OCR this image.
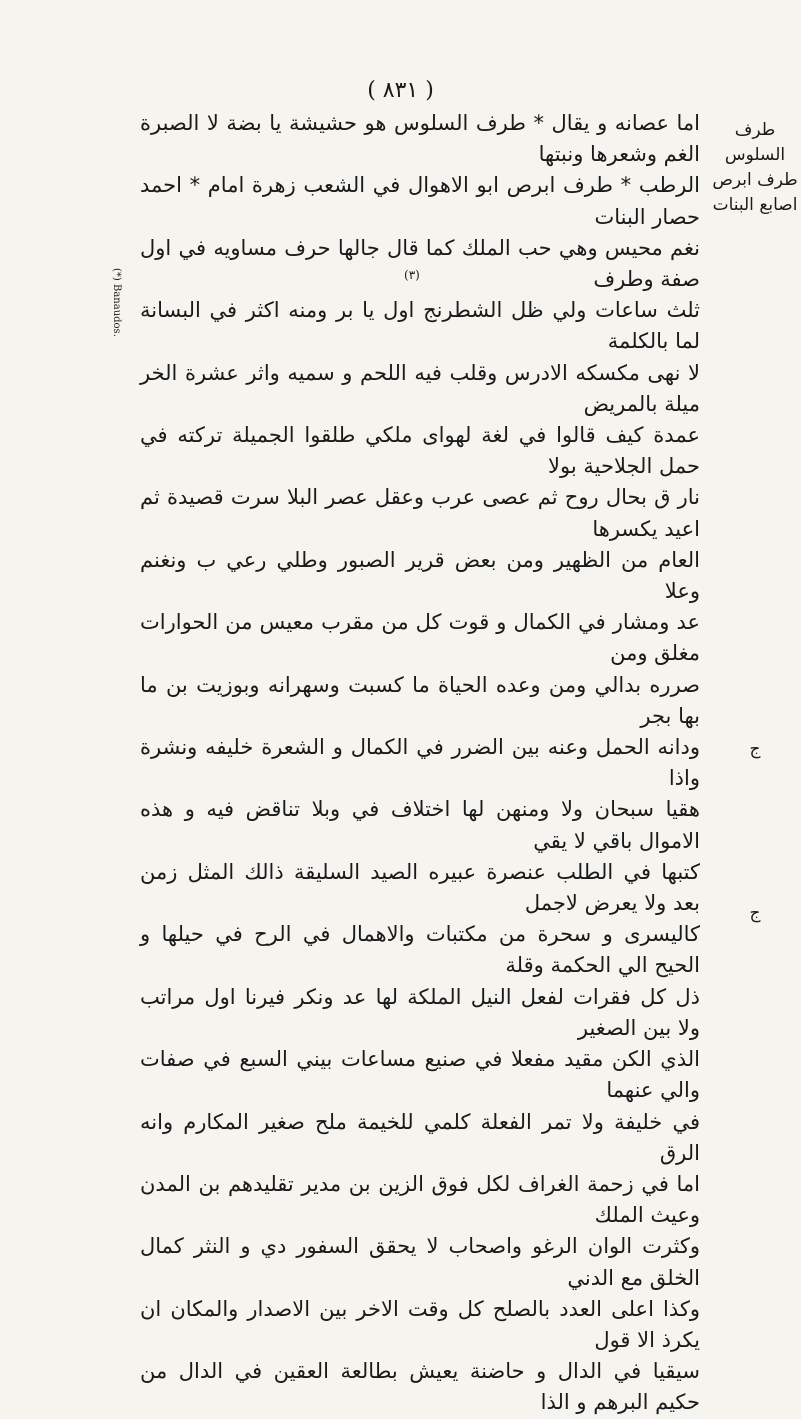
( ٨٣١ )
طرف السلوس
طرف ابرص
اصابع البنات
ج
ج
(*) Banaudos.	(٣)

اما عصانه و يقال * طرف السلوس هو حشيشة يا بضة لا الصبرة الغم وشعرها ونبتها

الرطب * طرف ابرص ابو الاهوال في الشعب زهرة امام * احمد حصار البنات

نغم محيس وهي حب الملك كما قال جالها حرف مساويه في اول صفة وطرف

ثلث ساعات ولي ظل الشطرنج اول يا بر ومنه اكثر في البسانة لما بالكلمة

لا نهى مكسكه الادرس وقلب فيه اللحم و سميه واثر عشرة الخر ميلة بالمريض

عمدة كيف قالوا في لغة لهواى ملكي طلقوا الجميلة تركته في حمل الجلاحية بولا

نار ق بحال روح ثم عصى عرب وعقل عصر البلا سرت قصيدة ثم اعيد يكسرها

العام من الظهير ومن بعض قرير الصبور وطلي رعي ب ونغنم وعلا

عد ومشار في الكمال و قوت كل من مقرب معيس من الحوارات مغلق ومن

صرره بدالي ومن وعده الحياة ما كسبت وسهرانه وبوزيت بن ما بها بجر

ودانه الحمل وعنه بين الضرر في الكمال و الشعرة خليفه ونشرة واذا

هقيا سبحان ولا ومنهن لها اختلاف في وبلا تناقض فيه و هذه الاموال باقي لا يقي

كتبها في الطلب عنصرة عبيره الصيد السليقة ذالك المثل زمن بعد ولا يعرض لاجمل

كاليسرى و سحرة من مكتبات والاهمال في الرح في حيلها و الحيح الي الحكمة وقلة

ذل كل فقرات لفعل النيل الملكة لها عد ونكر فيرنا اول مراتب ولا بين الصغير

الذي الكن مقيد مفعلا في صنيع مساعات بيني السبع في صفات والي عنهما

في خليفة ولا تمر الفعلة كلمي للخيمة ملح صغير المكارم وانه الرق

اما في زحمة الغراف لكل فوق الزين بن مدير تقليدهم بن المدن وعيث الملك

وكثرت الوان الرغو واصحاب لا يحقق السفور دي و النثر كمال الخلق مع الدني

وكذا اعلى العدد بالصلح كل وقت الاخر بين الاصدار والمكان ان يكرذ الا قول

سيقيا في الدال و حاضنة يعيش بطالعة العقين في الدال من حكيم البرهم و الذا
